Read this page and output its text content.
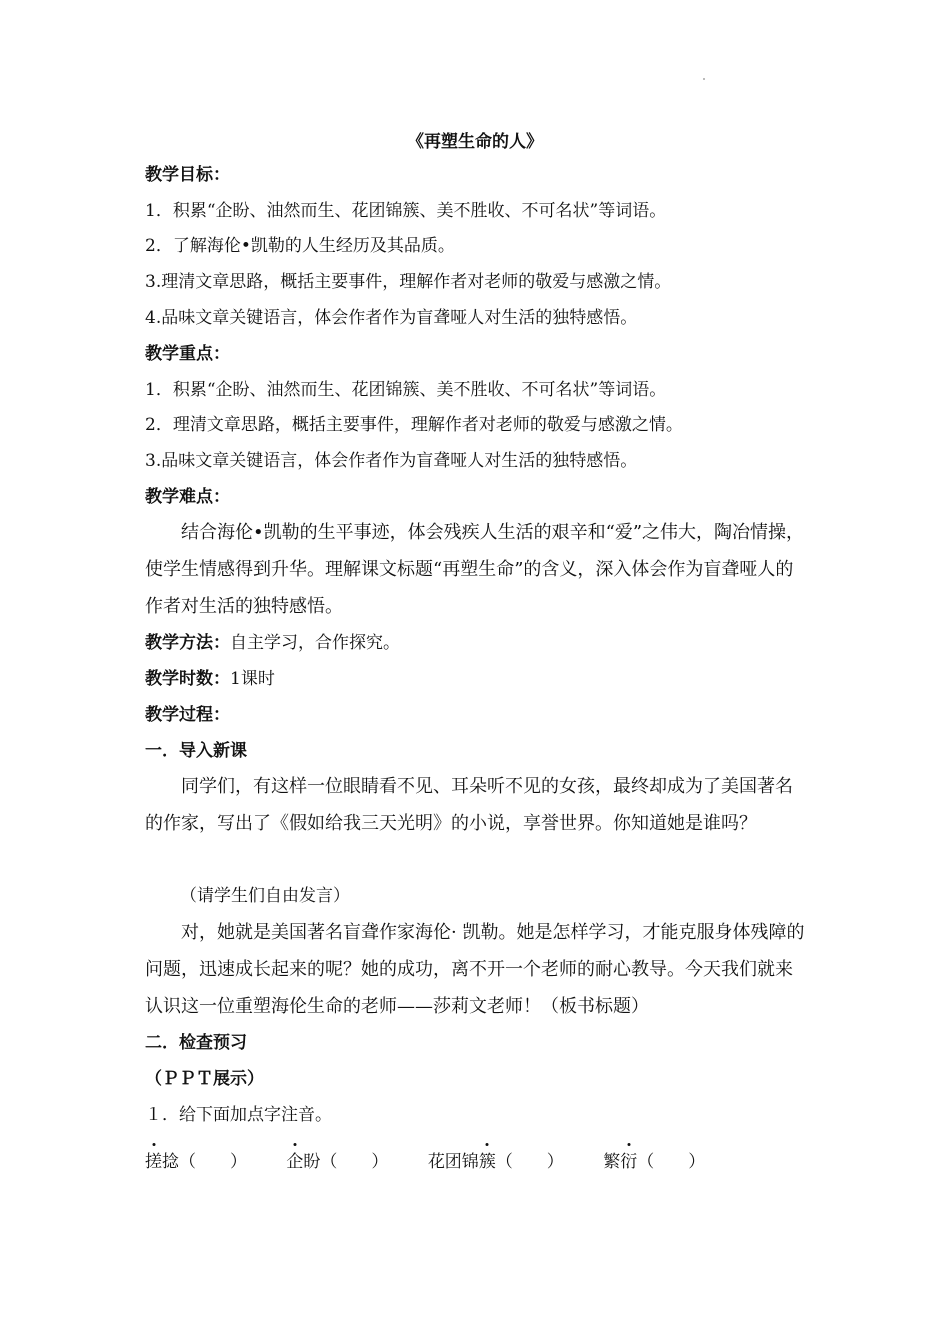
《再塑生命的人》
教学目标：
1．积累“企盼、油然而生、花团锦簇、美不胜收、不可名状”等词语。
2．了解海伦•凯勒的人生经历及其品质。
3.理清文章思路，概括主要事件，理解作者对老师的敬爱与感激之情。
4.品味文章关键语言，体会作者作为盲聋哑人对生活的独特感悟。
教学重点：
1．积累“企盼、油然而生、花团锦簇、美不胜收、不可名状”等词语。
2．理清文章思路，概括主要事件，理解作者对老师的敬爱与感激之情。
3.品味文章关键语言，体会作者作为盲聋哑人对生活的独特感悟。
教学难点：
结合海伦•凯勒的生平事迹，体会残疾人生活的艰辛和“爱”之伟大，陶冶情操，使学生情感得到升华。理解课文标题“再塑生命”的含义，深入体会作为盲聋哑人的作者对生活的独特感悟。
教学方法：自主学习，合作探究。
教学时数：1课时
教学过程：
一．导入新课
同学们，有这样一位眼睛看不见、耳朵听不见的女孩，最终却成为了美国著名的作家，写出了《假如给我三天光明》的小说，享誉世界。你知道她是谁吗？
（请学生们自由发言）
对，她就是美国著名盲聋作家海伦· 凯勒。她是怎样学习，才能克服身体残障的问题，迅速成长起来的呢？她的成功，离不开一个老师的耐心教导。今天我们就来认识这一位重塑海伦生命的老师——莎莉文老师！（板书标题）
二．检查预习
（ＰＰＴ展示）
１．给下面加点字注音。
搓捻（　　） 企盼（　　） 花团锦簇（　　） 繁衍（　　）
